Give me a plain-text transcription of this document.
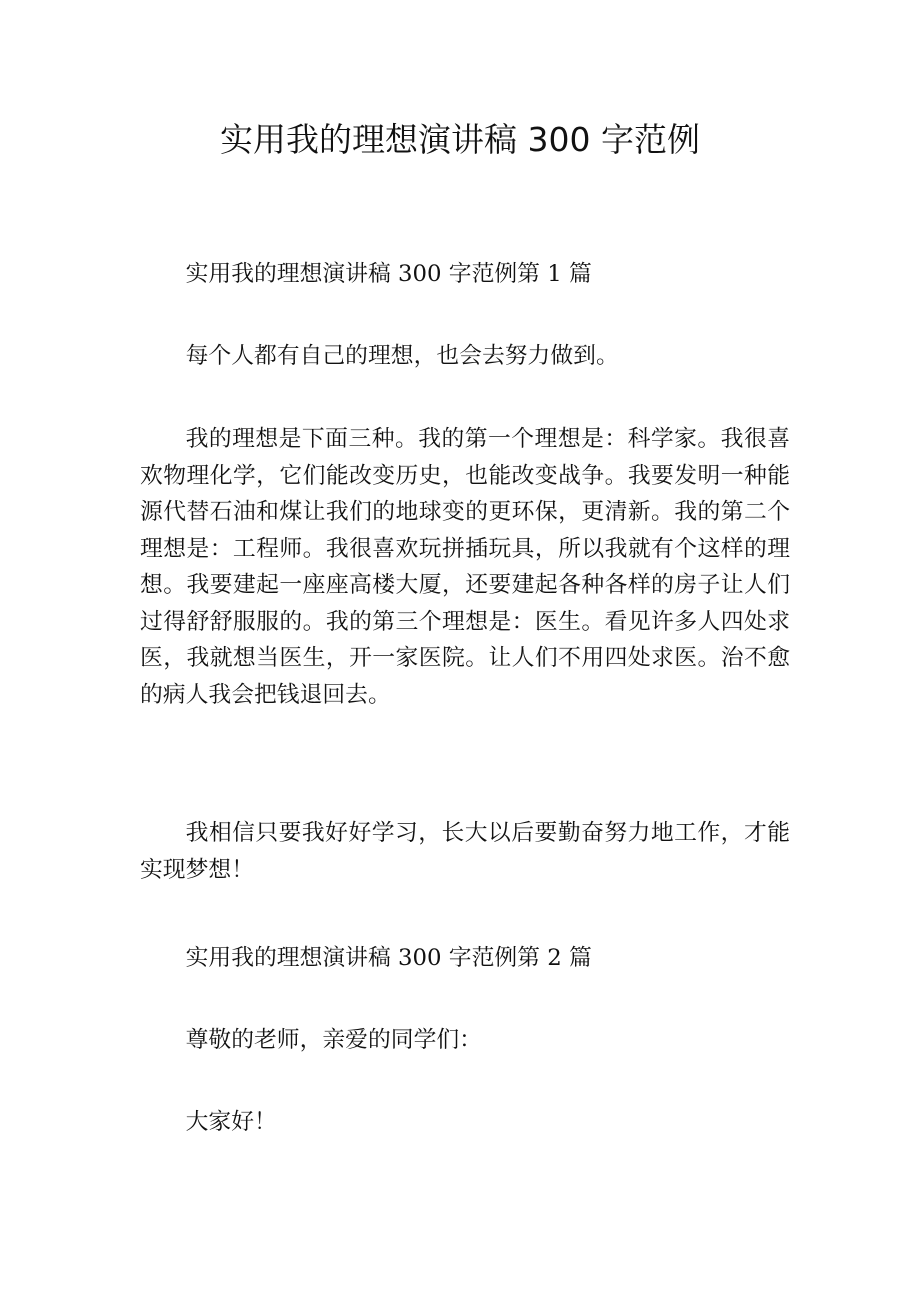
实用我的理想演讲稿 300 字范例

实用我的理想演讲稿 300 字范例第 1 篇

每个人都有自己的理想，也会去努力做到。

我的理想是下面三种。我的第一个理想是：科学家。我很喜欢物理化学，它们能改变历史，也能改变战争。我要发明一种能源代替石油和煤让我们的地球变的更环保，更清新。我的第二个理想是：工程师。我很喜欢玩拼插玩具，所以我就有个这样的理想。我要建起一座座高楼大厦，还要建起各种各样的房子让人们过得舒舒服服的。我的第三个理想是：医生。看见许多人四处求医，我就想当医生，开一家医院。让人们不用四处求医。治不愈的病人我会把钱退回去。

我相信只要我好好学习，长大以后要勤奋努力地工作，才能实现梦想！

实用我的理想演讲稿 300 字范例第 2 篇

尊敬的老师，亲爱的同学们：

大家好！
